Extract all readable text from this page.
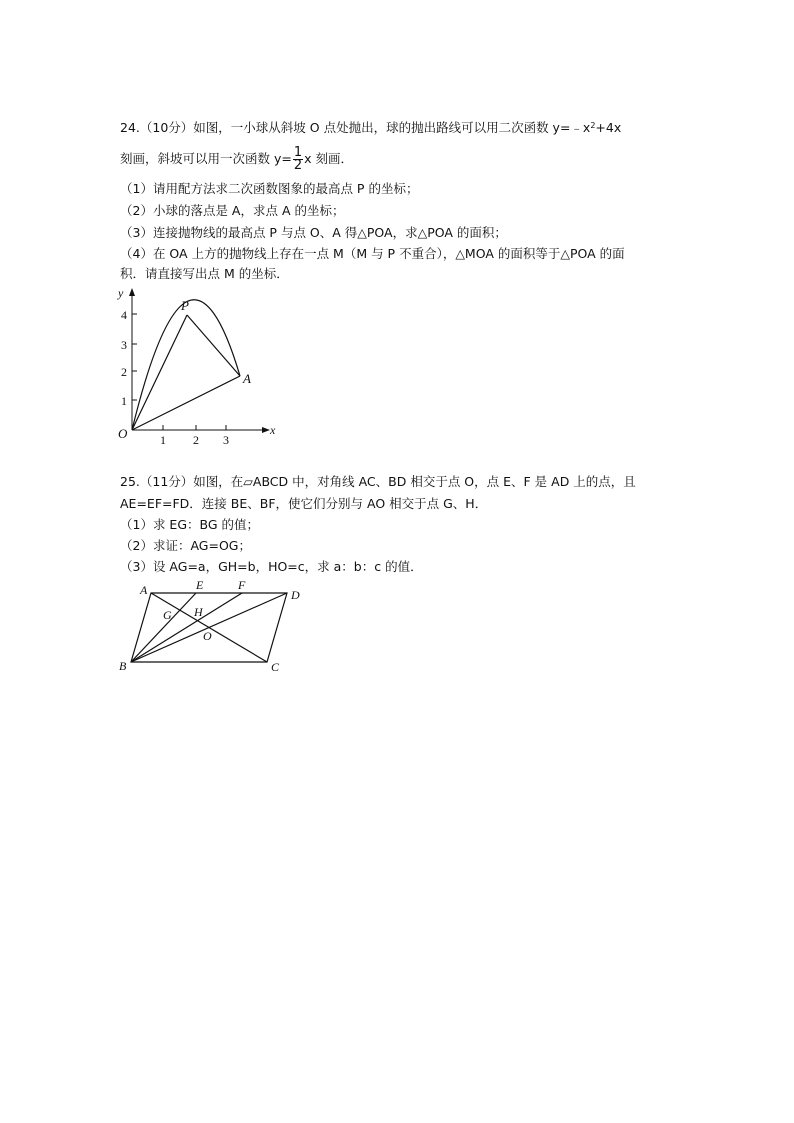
24.（10分）如图，一小球从斜坡 O 点处抛出，球的抛出路线可以用二次函数 $y=﹣x^2+4x$
刻画，斜坡可以用一次函数 $y= \frac{1}{2}$ x 刻画．
（1）请用配方法求二次函数图象的最高点 P 的坐标；
（2）小球的落点是 A，求点 A 的坐标；
（3）连接抛物线的最高点 P 与点 O、A 得△POA，求△POA 的面积；
（4）在 OA 上方的抛物线上存在一点 M（M 与 P 不重合），△MOA 的面积等于△POA 的面
积．请直接写出点 M 的坐标．
y
x
O
P
A
1 2 3
1
2
3
4
25.（11分）如图，在▱ABCD 中，对角线 AC、BD 相交于点 O，点 E、F 是 AD 上的点，且
AE=EF=FD．连接 BE、BF，使它们分别与 AO 相交于点 G、H．
（1）求 EG：BG 的值；
（2）求证：AG=OG；
（3）设 AG=a，GH=b，HO=c，求 a：b：c 的值．
A	E	F
D
G H
O
B	C
